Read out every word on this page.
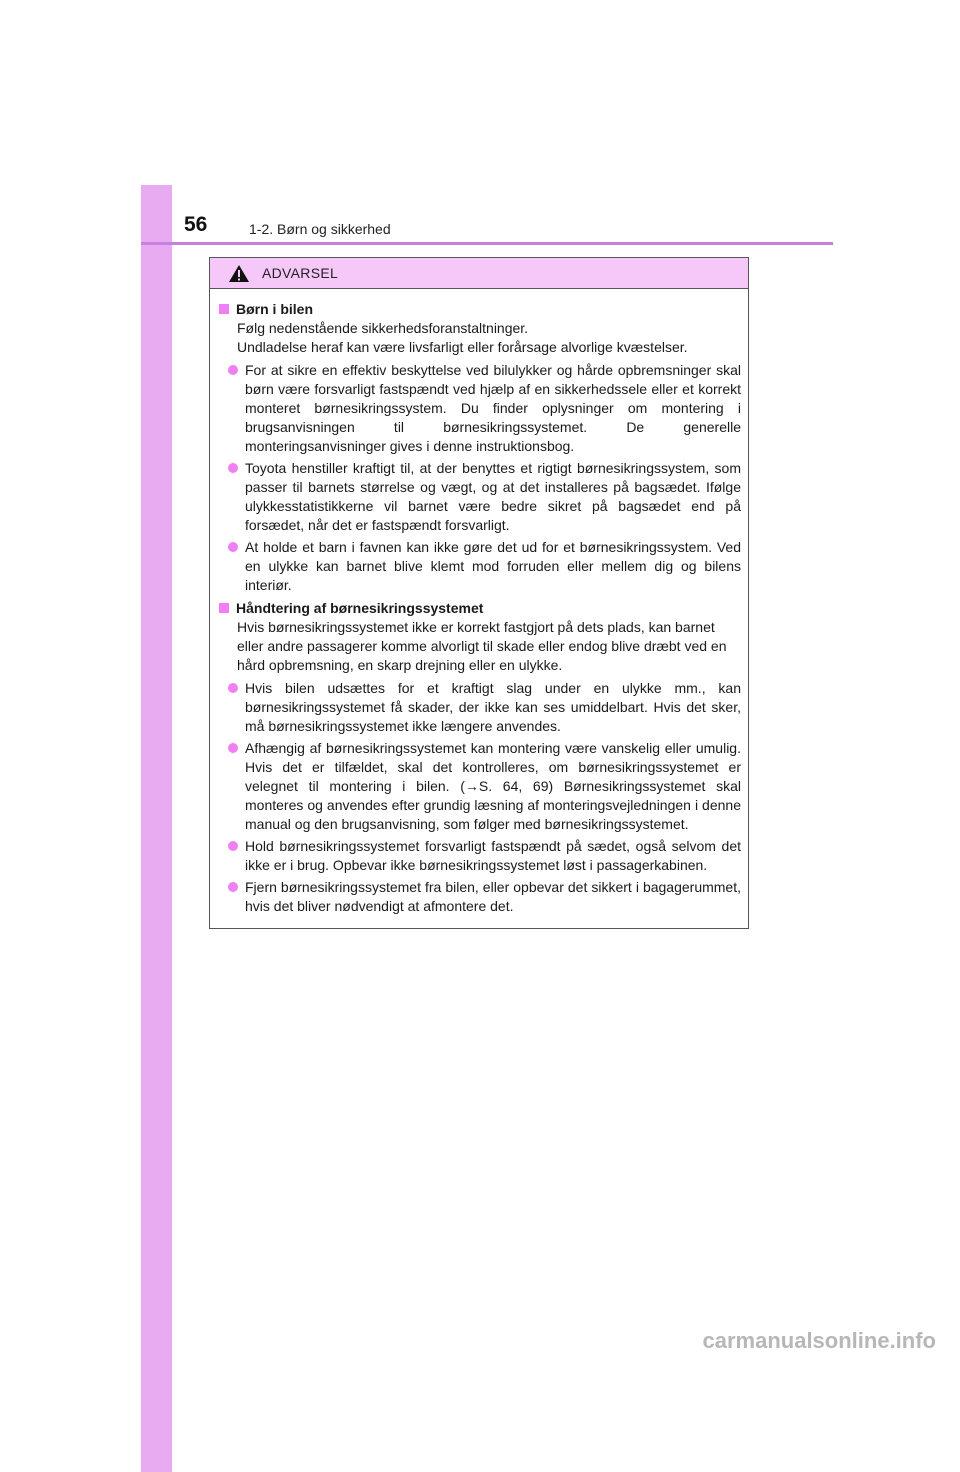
56	1-2. Børn og sikkerhed
ADVARSEL
Børn i bilen
Følg nedenstående sikkerhedsforanstaltninger.
Undladelse heraf kan være livsfarligt eller forårsage alvorlige kvæstelser.
For at sikre en effektiv beskyttelse ved bilulykker og hårde opbremsninger skal børn være forsvarligt fastspændt ved hjælp af en sikkerhedssele eller et korrekt monteret børnesikringssystem. Du finder oplysninger om montering i brugsanvisningen til børnesikringssystemet. De generelle monteringsanvisninger gives i denne instruktionsbog.
Toyota henstiller kraftigt til, at der benyttes et rigtigt børnesikringssystem, som passer til barnets størrelse og vægt, og at det installeres på bagsædet. Ifølge ulykkesstatistikkerne vil barnet være bedre sikret på bagsædet end på forsædet, når det er fastspændt forsvarligt.
At holde et barn i favnen kan ikke gøre det ud for et børnesikringssystem. Ved en ulykke kan barnet blive klemt mod forruden eller mellem dig og bilens interiør.
Håndtering af børnesikringssystemet
Hvis børnesikringssystemet ikke er korrekt fastgjort på dets plads, kan barnet eller andre passagerer komme alvorligt til skade eller endog blive dræbt ved en hård opbremsning, en skarp drejning eller en ulykke.
Hvis bilen udsættes for et kraftigt slag under en ulykke mm., kan børnesikringssystemet få skader, der ikke kan ses umiddelbart. Hvis det sker, må børnesikringssystemet ikke længere anvendes.
Afhængig af børnesikringssystemet kan montering være vanskelig eller umulig. Hvis det er tilfældet, skal det kontrolleres, om børnesikringssystemet er velegnet til montering i bilen. (→S. 64, 69) Børnesikringssystemet skal monteres og anvendes efter grundig læsning af monteringsvejledningen i denne manual og den brugsanvisning, som følger med børnesikringssystemet.
Hold børnesikringssystemet forsvarligt fastspændt på sædet, også selvom det ikke er i brug. Opbevar ikke børnesikringssystemet løst i passagerkabinen.
Fjern børnesikringssystemet fra bilen, eller opbevar det sikkert i bagagerummet, hvis det bliver nødvendigt at afmontere det.
carmanualsonline.info
